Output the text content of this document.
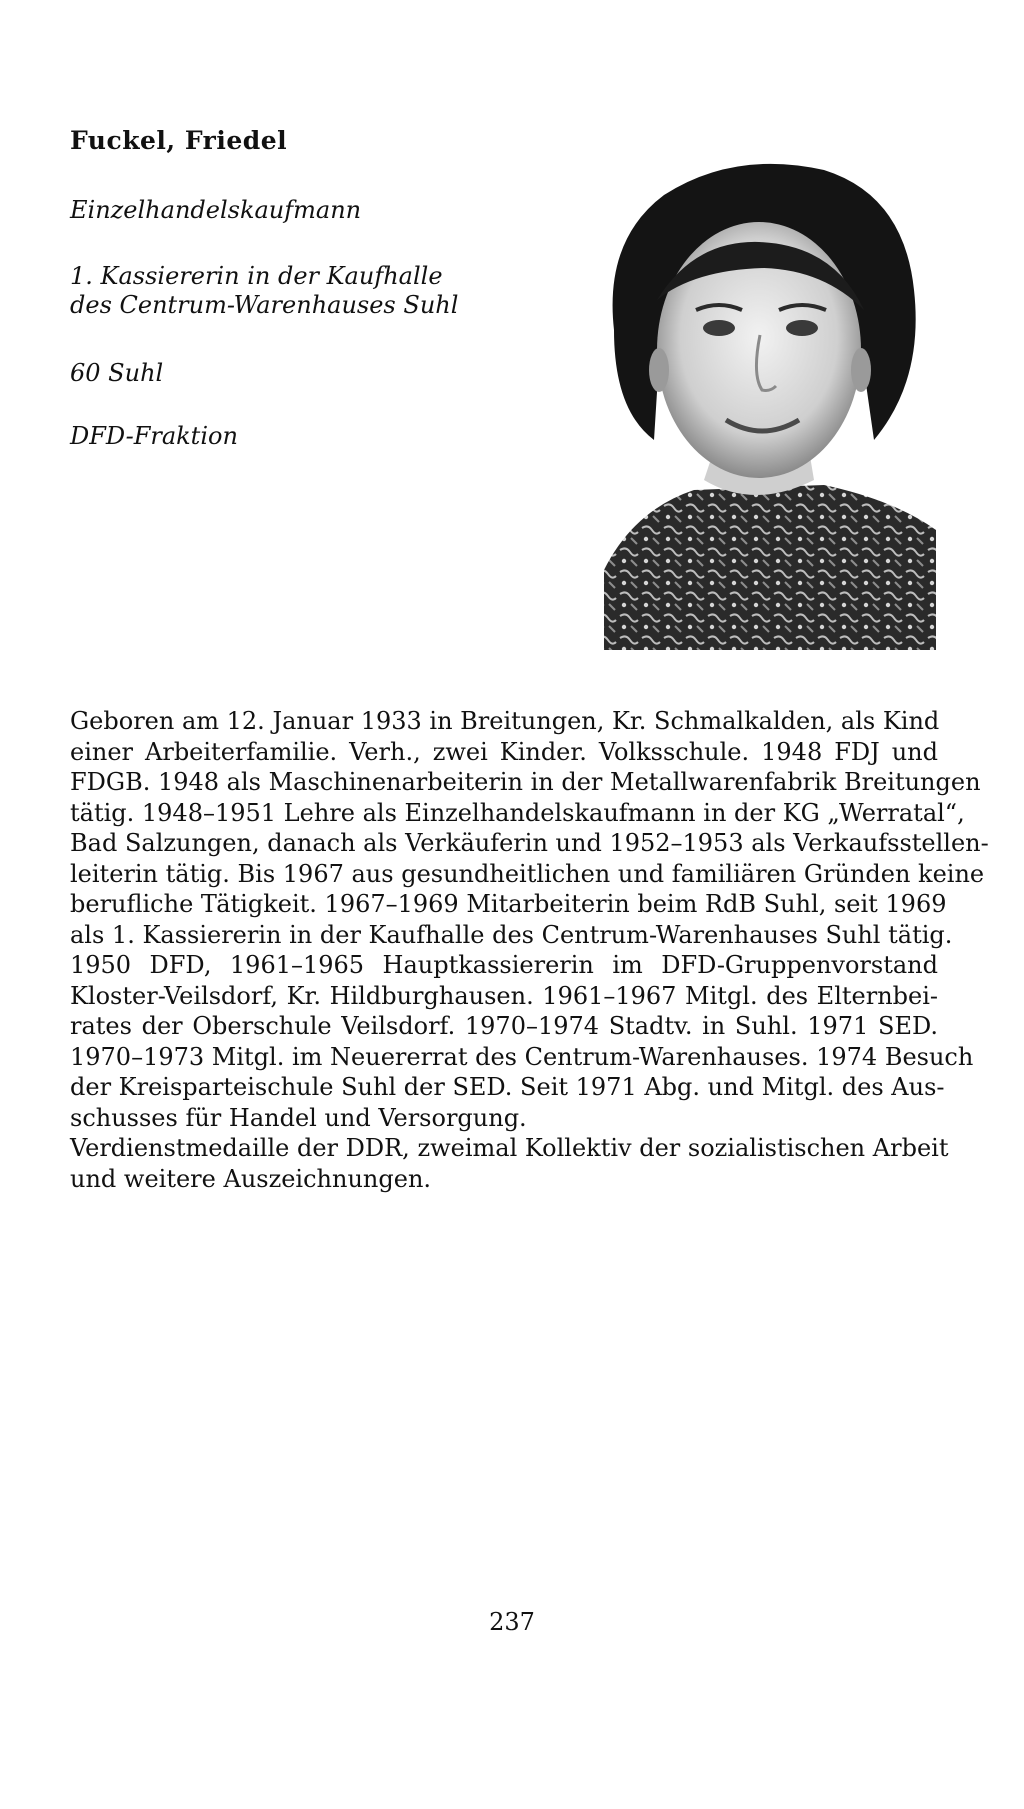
Fuckel, Friedel

Einzelhandelskaufmann

1. Kassiererin in der Kaufhalle

des Centrum-Warenhauses Suhl

60 Suhl

DFD-Fraktion

Geboren am 12. Januar 1933 in Breitungen, Kr. Schmalkalden, als Kind
einer Arbeiterfamilie. Verh., zwei Kinder. Volksschule. 1948 FDJ und
FDGB. 1948 als Maschinenarbeiterin in der Metallwarenfabrik Breitungen
tätig. 1948–1951 Lehre als Einzelhandelskaufmann in der KG „Werratal“,
Bad Salzungen, danach als Verkäuferin und 1952–1953 als Verkaufsstellen-
leiterin tätig. Bis 1967 aus gesundheitlichen und familiären Gründen keine
berufliche Tätigkeit. 1967–1969 Mitarbeiterin beim RdB Suhl, seit 1969
als 1. Kassiererin in der Kaufhalle des Centrum-Warenhauses Suhl tätig.
1950 DFD, 1961–1965 Hauptkassiererin im DFD-Gruppenvorstand
Kloster-Veilsdorf, Kr. Hildburghausen. 1961–1967 Mitgl. des Elternbei-
rates der Oberschule Veilsdorf. 1970–1974 Stadtv. in Suhl. 1971 SED.
1970–1973 Mitgl. im Neuererrat des Centrum-Warenhauses. 1974 Besuch
der Kreisparteischule Suhl der SED. Seit 1971 Abg. und Mitgl. des Aus-
schusses für Handel und Versorgung.
Verdienstmedaille der DDR, zweimal Kollektiv der sozialistischen Arbeit
und weitere Auszeichnungen.

237
